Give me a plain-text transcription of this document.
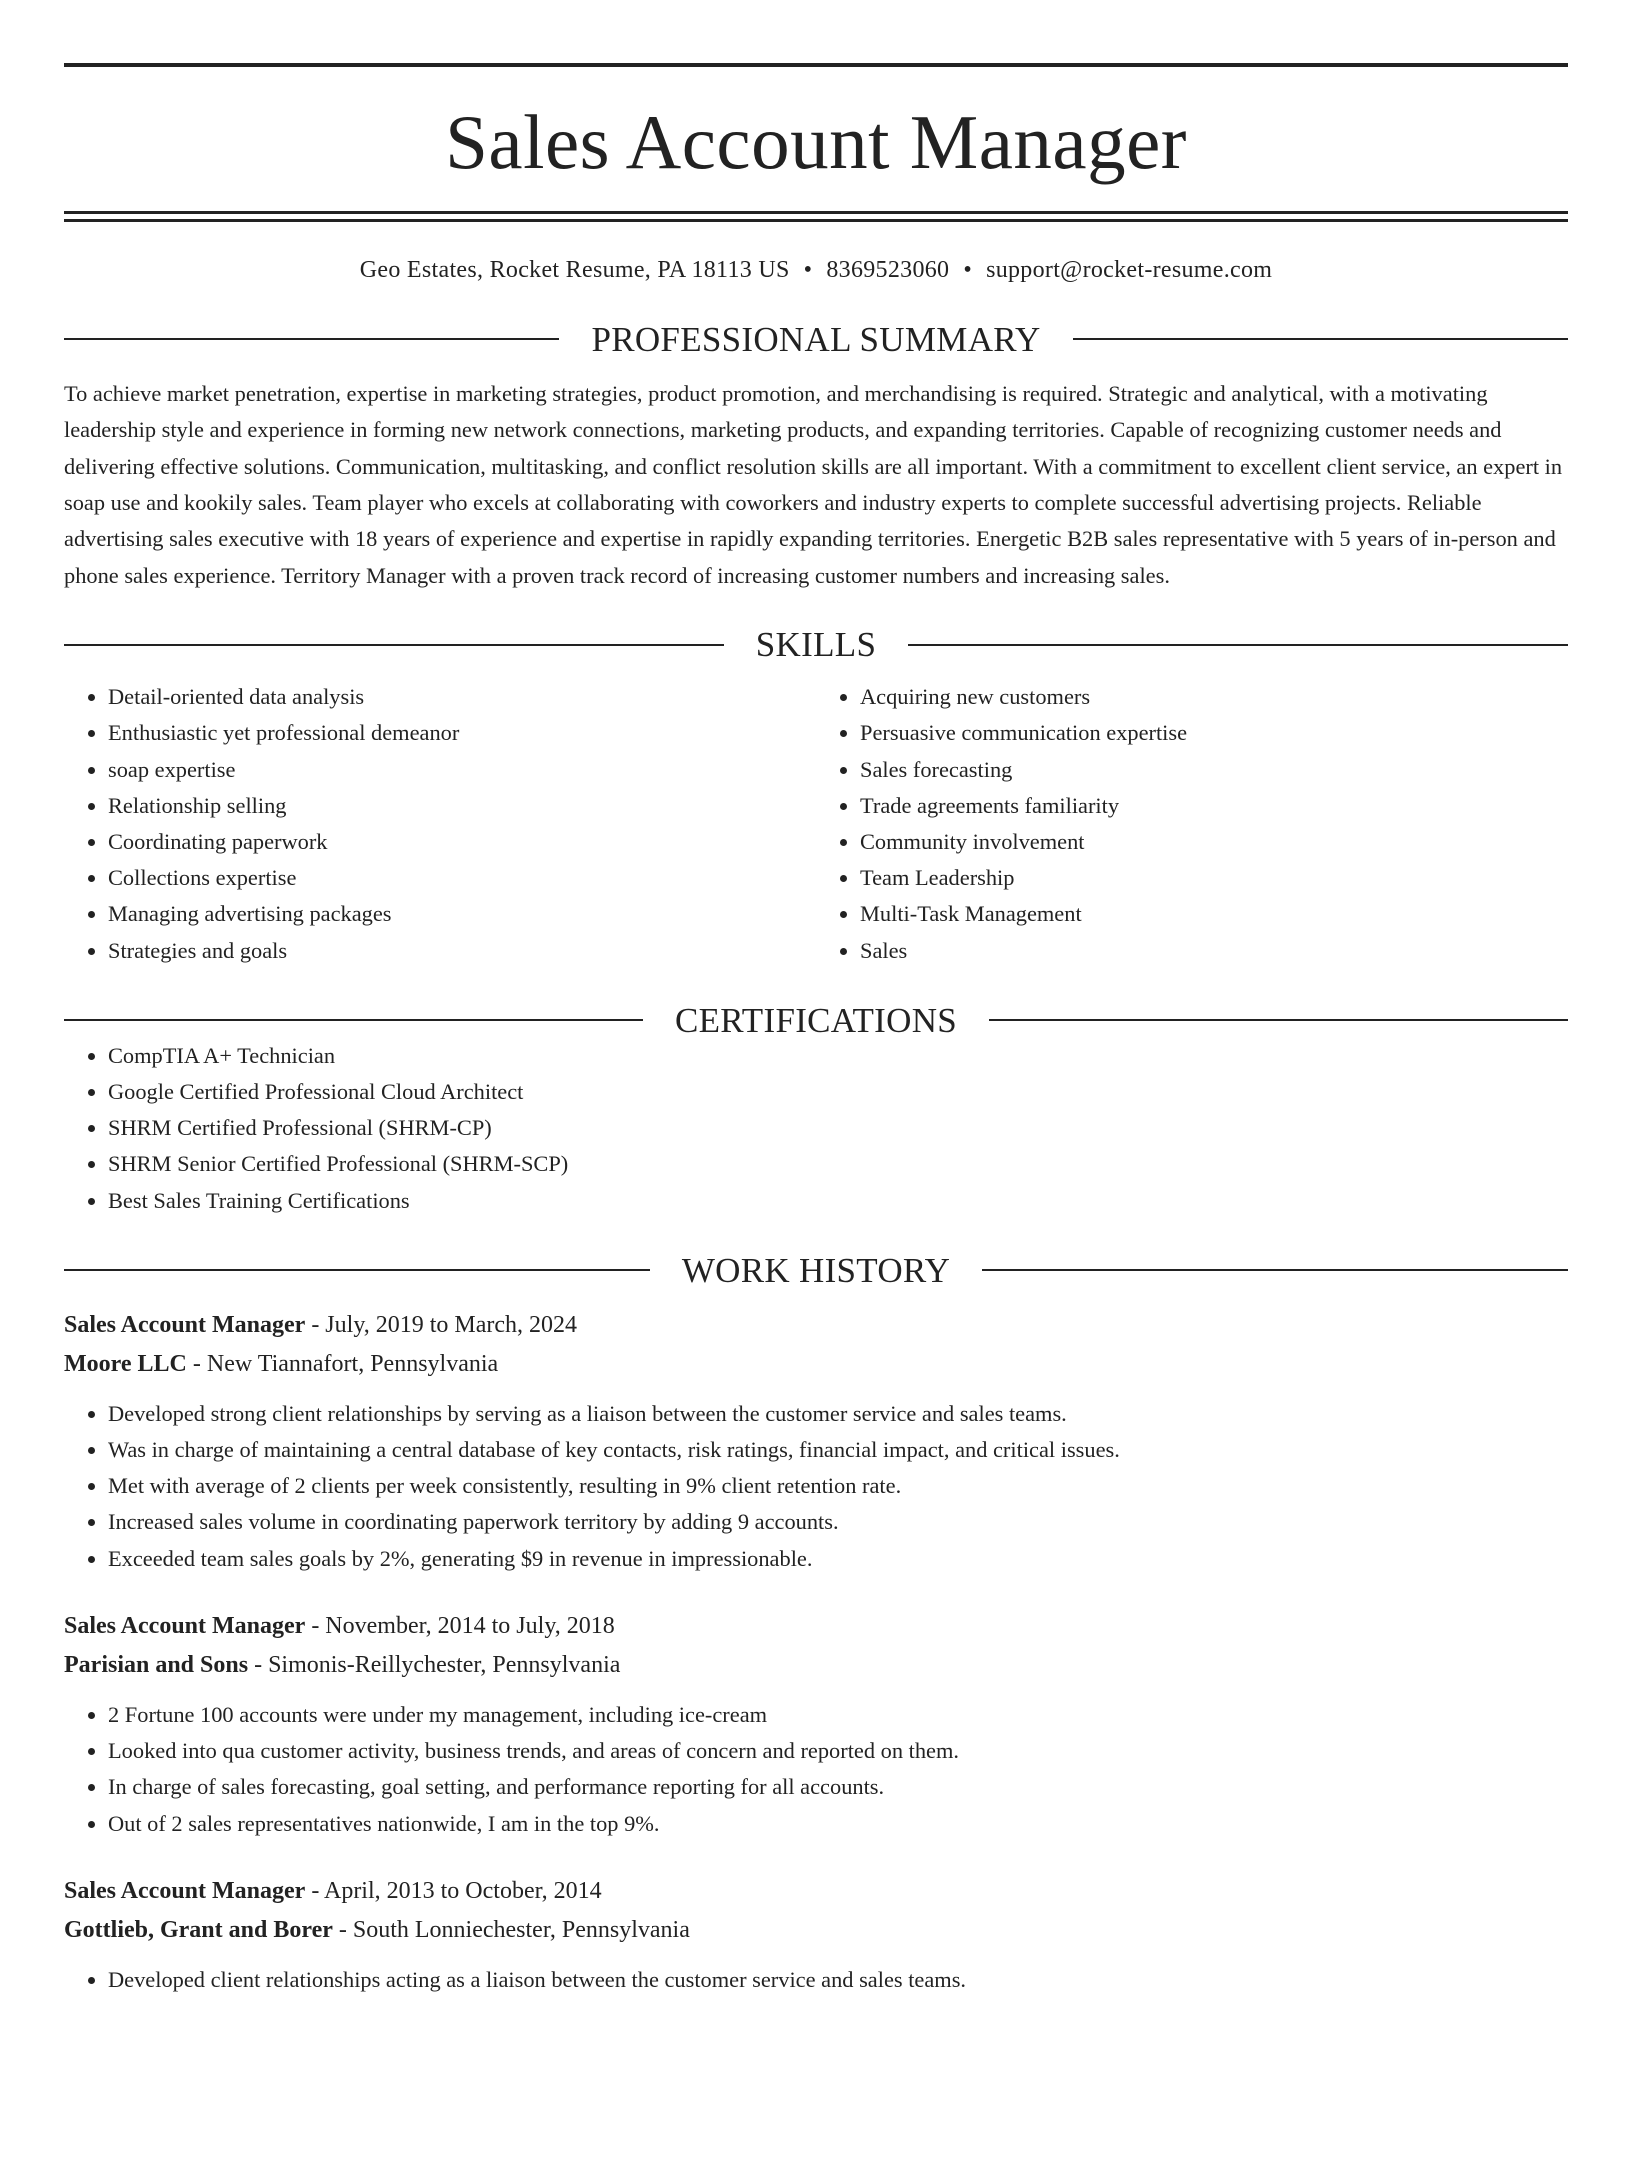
Sales Account Manager
Geo Estates, Rocket Resume, PA 18113 US • 8369523060 • support@rocket-resume.com
PROFESSIONAL SUMMARY

To achieve market penetration, expertise in marketing strategies, product promotion, and merchandising is required. Strategic and analytical, with a motivating leadership style and experience in forming new network connections, marketing products, and expanding territories. Capable of recognizing customer needs and delivering effective solutions. Communication, multitasking, and conflict resolution skills are all important. With a commitment to excellent client service, an expert in soap use and kookily sales. Team player who excels at collaborating with coworkers and industry experts to complete successful advertising projects. Reliable advertising sales executive with 18 years of experience and expertise in rapidly expanding territories. Energetic B2B sales representative with 5 years of in-person and phone sales experience. Territory Manager with a proven track record of increasing customer numbers and increasing sales.

SKILLS
• Detail-oriented data analysis
• Enthusiastic yet professional demeanor
• soap expertise
• Relationship selling
• Coordinating paperwork
• Collections expertise
• Managing advertising packages
• Strategies and goals
• Acquiring new customers
• Persuasive communication expertise
• Sales forecasting
• Trade agreements familiarity
• Community involvement
• Team Leadership
• Multi-Task Management
• Sales
CERTIFICATIONS
• CompTIA A+ Technician
• Google Certified Professional Cloud Architect
• SHRM Certified Professional (SHRM-CP)
• SHRM Senior Certified Professional (SHRM-SCP)
• Best Sales Training Certifications
WORK HISTORY
Sales Account Manager - July, 2019 to March, 2024
Moore LLC - New Tiannafort, Pennsylvania
• Developed strong client relationships by serving as a liaison between the customer service and sales teams.
• Was in charge of maintaining a central database of key contacts, risk ratings, financial impact, and critical issues.
• Met with average of 2 clients per week consistently, resulting in 9% client retention rate.
• Increased sales volume in coordinating paperwork territory by adding 9 accounts.
• Exceeded team sales goals by 2%, generating $9 in revenue in impressionable.
Sales Account Manager - November, 2014 to July, 2018
Parisian and Sons - Simonis-Reillychester, Pennsylvania
• 2 Fortune 100 accounts were under my management, including ice-cream
• Looked into qua customer activity, business trends, and areas of concern and reported on them.
• In charge of sales forecasting, goal setting, and performance reporting for all accounts.
• Out of 2 sales representatives nationwide, I am in the top 9%.
Sales Account Manager - April, 2013 to October, 2014
Gottlieb, Grant and Borer - South Lonniechester, Pennsylvania
• Developed client relationships acting as a liaison between the customer service and sales teams.
